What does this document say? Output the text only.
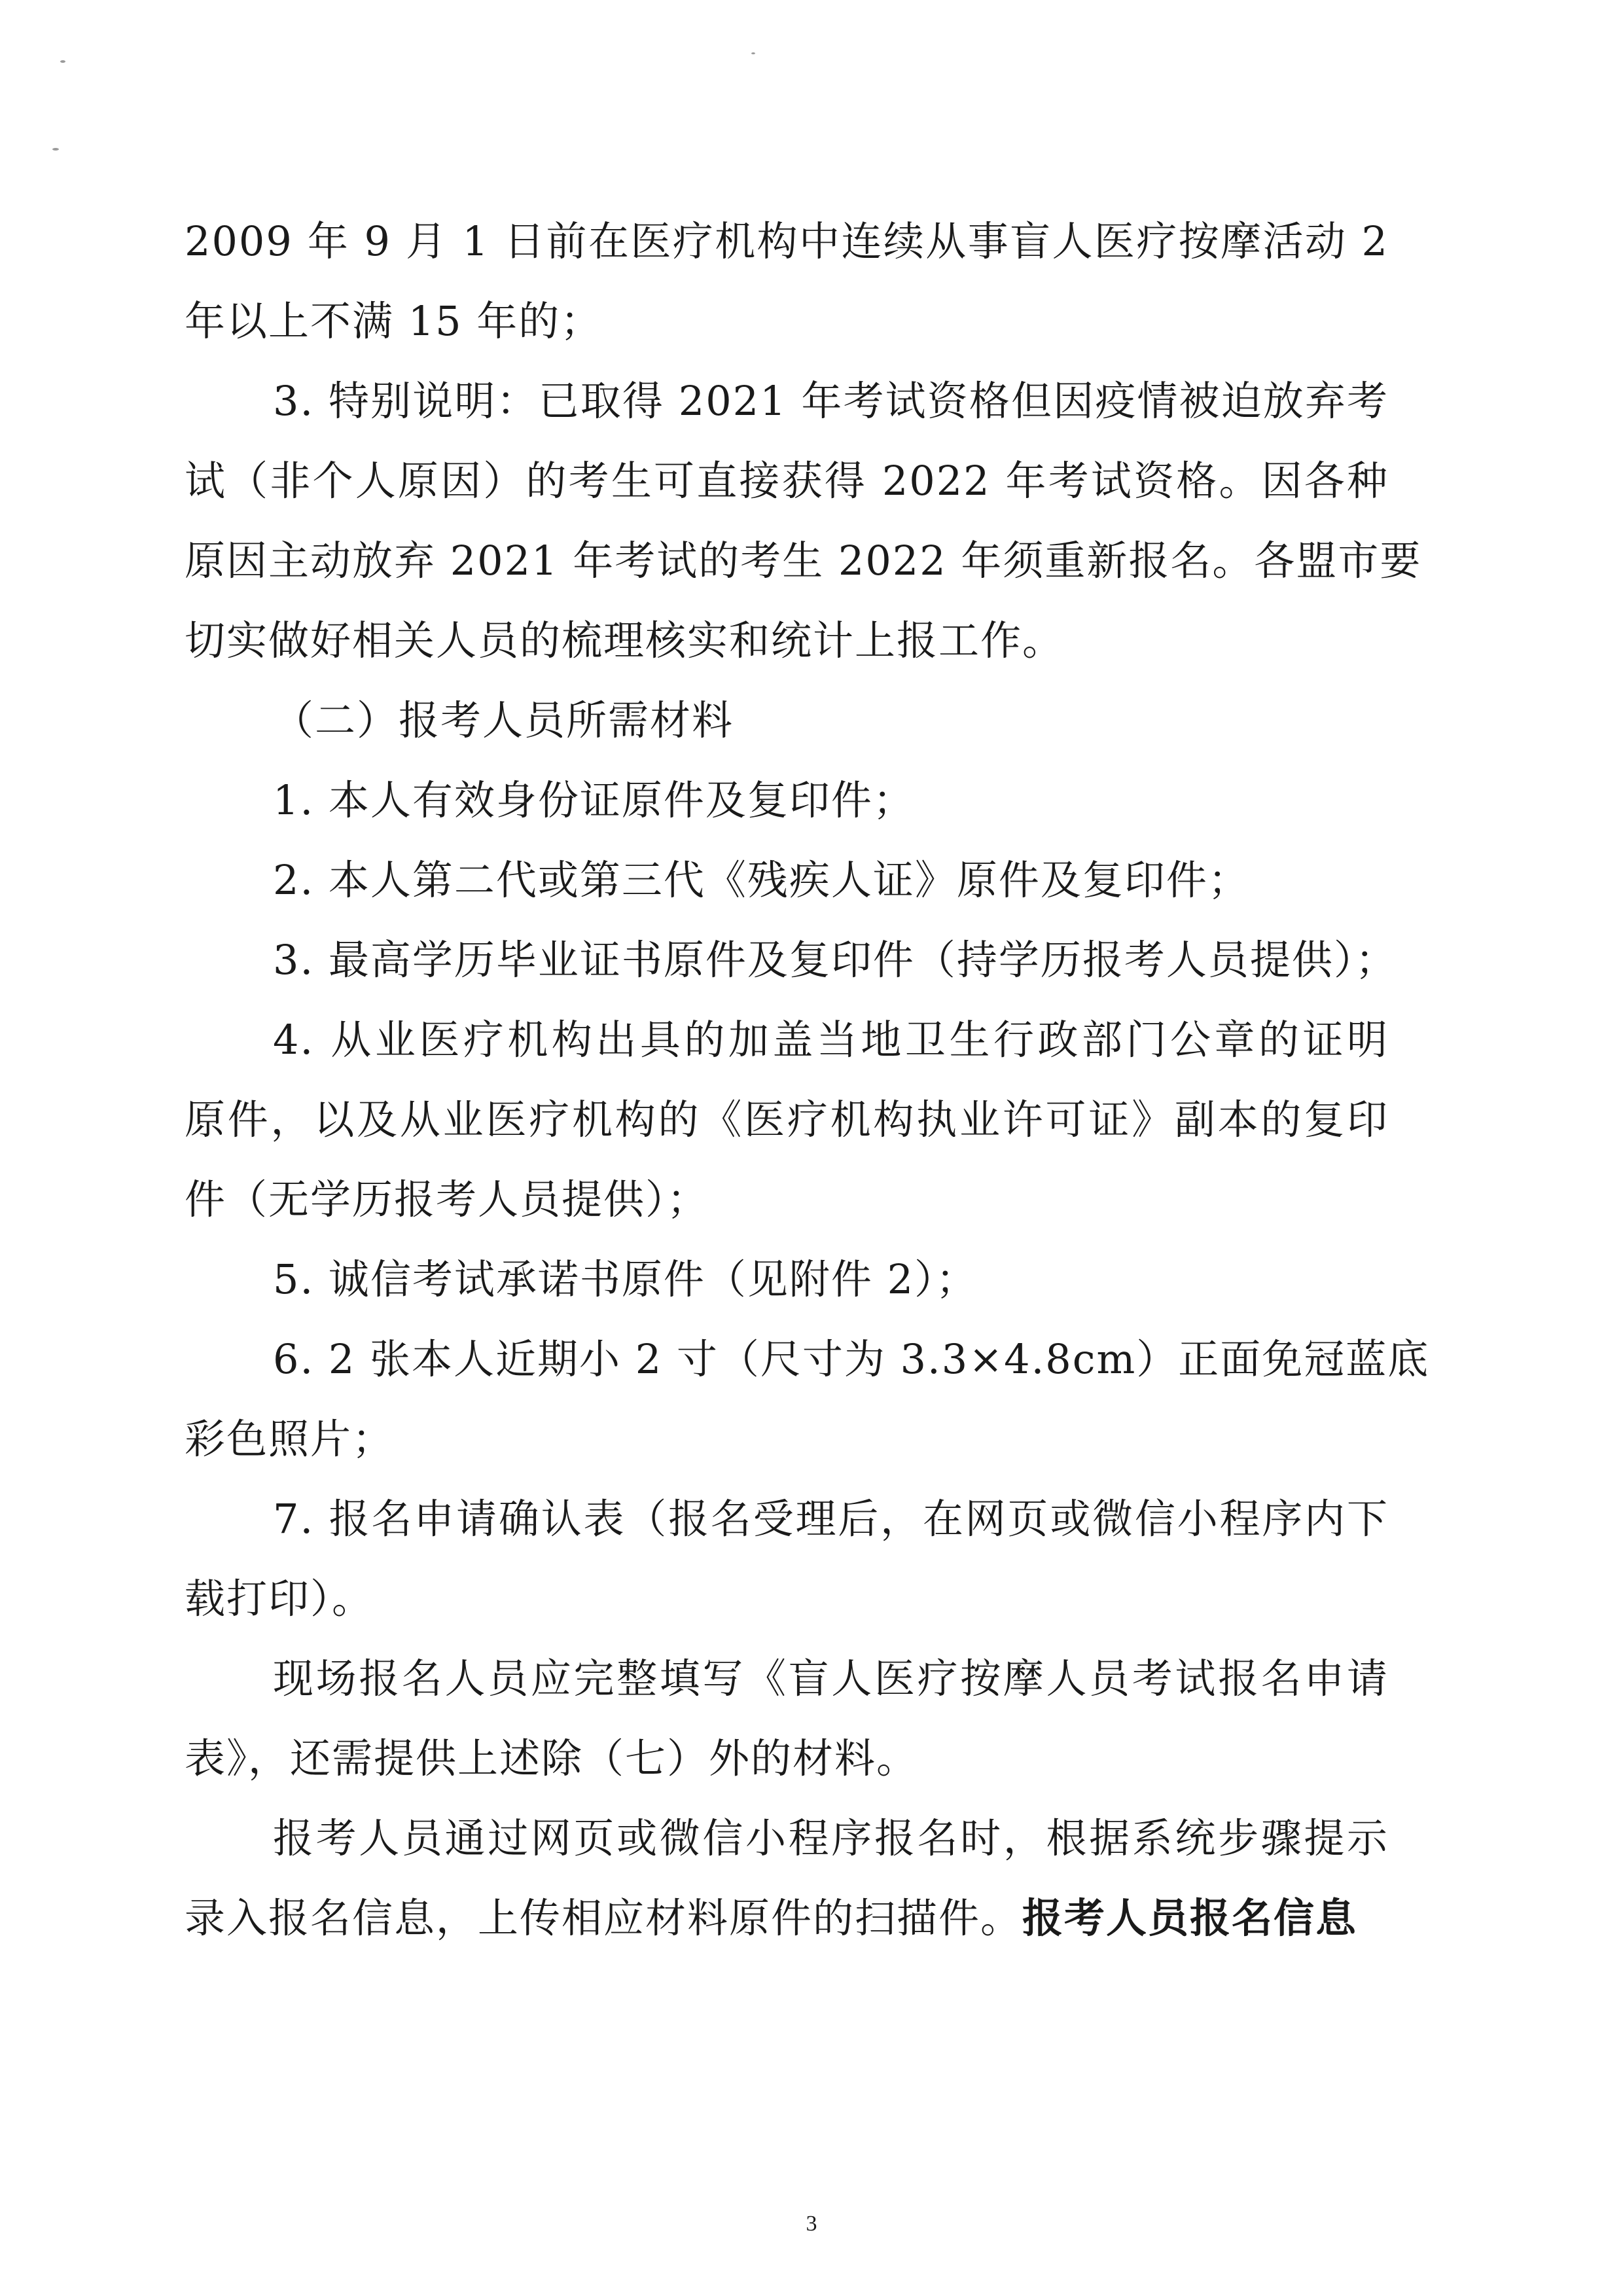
2009 年 9 月 1 日前在医疗机构中连续从事盲人医疗按摩活动 2
年以上不满 15 年的；
3. 特别说明：已取得 2021 年考试资格但因疫情被迫放弃考
试（非个人原因）的考生可直接获得 2022 年考试资格。因各种
原因主动放弃 2021 年考试的考生 2022 年须重新报名。各盟市要
切实做好相关人员的梳理核实和统计上报工作。
（二）报考人员所需材料
1. 本人有效身份证原件及复印件；
2. 本人第二代或第三代《残疾人证》原件及复印件；
3. 最高学历毕业证书原件及复印件（持学历报考人员提供）；
4. 从业医疗机构出具的加盖当地卫生行政部门公章的证明
原件，以及从业医疗机构的《医疗机构执业许可证》副本的复印
件（无学历报考人员提供）；
5. 诚信考试承诺书原件（见附件 2）；
6. 2 张本人近期小 2 寸（尺寸为 3.3×4.8cm）正面免冠蓝底
彩色照片；
7. 报名申请确认表（报名受理后，在网页或微信小程序内下
载打印）。
现场报名人员应完整填写《盲人医疗按摩人员考试报名申请
表》，还需提供上述除（七）外的材料。
报考人员通过网页或微信小程序报名时，根据系统步骤提示
录入报名信息，上传相应材料原件的扫描件。报考人员报名信息
3
